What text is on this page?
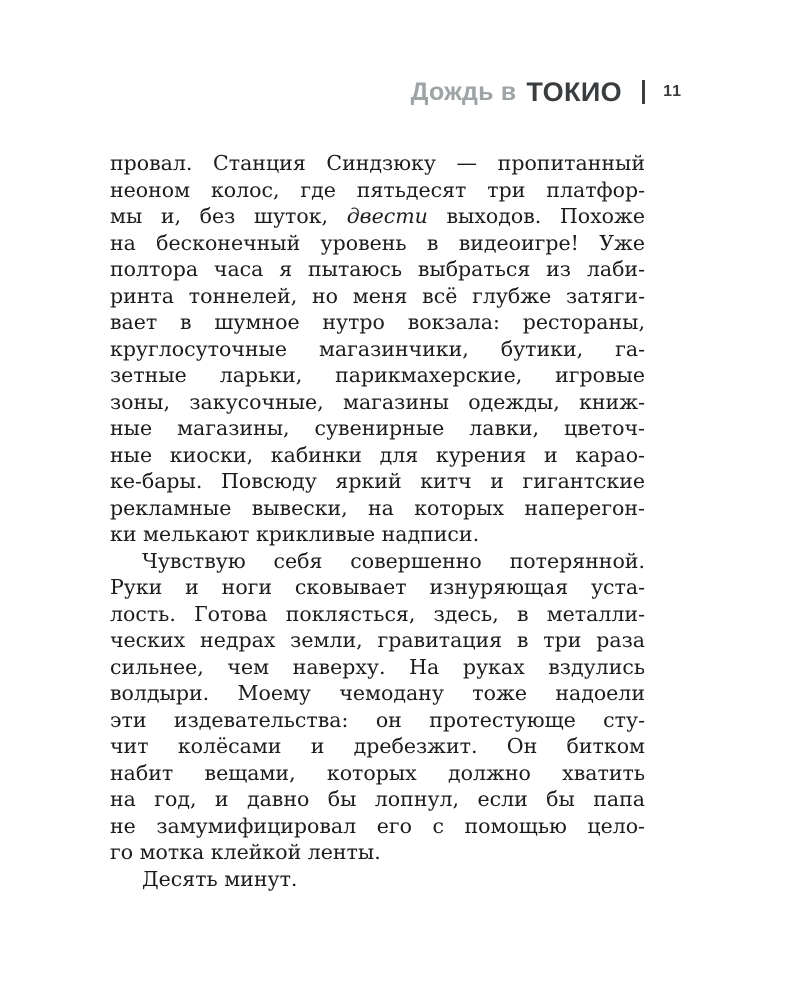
Дождь в ТОКИО	11
провал. Станция Синдзюку — пропитанный
неоном колос, где пятьдесят три платфор-
мы и, без шуток, двести выходов. Похоже
на бесконечный уровень в видеоигре! Уже
полтора часа я пытаюсь выбраться из лаби-
ринта тоннелей, но меня всё глубже затяги-
вает в шумное нутро вокзала: рестораны,
круглосуточные магазинчики, бутики, га-
зетные ларьки, парикмахерские, игровые
зоны, закусочные, магазины одежды, книж-
ные магазины, сувенирные лавки, цветоч-
ные киоски, кабинки для курения и карао-
ке-бары. Повсюду яркий китч и гигантские
рекламные вывески, на которых наперегон-
ки мелькают крикливые надписи.
Чувствую себя совершенно потерянной.
Руки и ноги сковывает изнуряющая уста-
лость. Готова поклясться, здесь, в металли-
ческих недрах земли, гравитация в три раза
сильнее, чем наверху. На руках вздулись
волдыри. Моему чемодану тоже надоели
эти издевательства: он протестующе сту-
чит колёсами и дребезжит. Он битком
набит вещами, которых должно хватить
на год, и давно бы лопнул, если бы папа
не замумифицировал его с помощью цело-
го мотка клейкой ленты.
Десять минут.
